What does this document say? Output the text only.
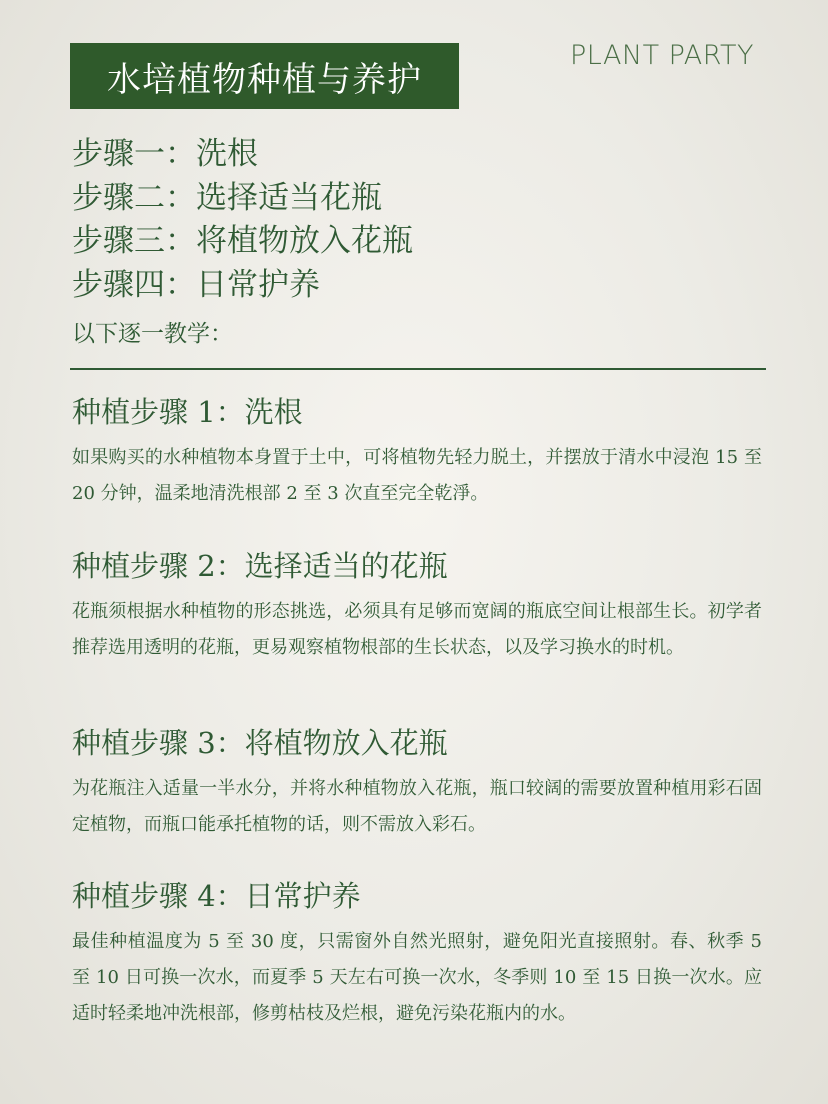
水培植物种植与养护
PLANT PARTY
步骤一：洗根
步骤二：选择适当花瓶
步骤三：将植物放入花瓶
步骤四：日常护养
以下逐一教学：
种植步骤 1：洗根

如果购买的水种植物本身置于土中，可将植物先轻力脱土，并摆放于清水中浸泡 15 至 20 分钟，温柔地清洗根部 2 至 3 次直至完全乾淨。

种植步骤 2：选择适当的花瓶

花瓶须根据水种植物的形态挑选，必须具有足够而宽阔的瓶底空间让根部生长。初学者推荐选用透明的花瓶，更易观察植物根部的生长状态，以及学习换水的时机。

种植步骤 3：将植物放入花瓶

为花瓶注入适量一半水分，并将水种植物放入花瓶，瓶口较阔的需要放置种植用彩石固定植物，而瓶口能承托植物的话，则不需放入彩石。

种植步骤 4：日常护养

最佳种植温度为 5 至 30 度，只需窗外自然光照射，避免阳光直接照射。春、秋季 5 至 10 日可换一次水，而夏季 5 天左右可换一次水，冬季则 10 至 15 日换一次水。应适时轻柔地冲洗根部，修剪枯枝及烂根，避免污染花瓶内的水。
